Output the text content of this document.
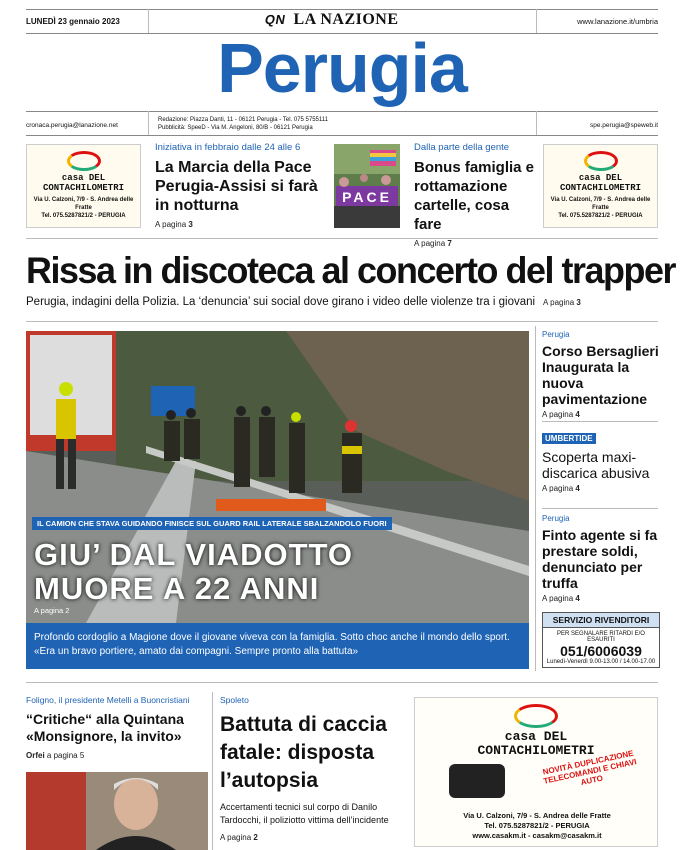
LUNEDÌ 23 gennaio 2023	QN LA NAZIONE	www.lanazione.it/umbria
Perugia
cronaca.perugia@lanazione.net
Redazione: Piazza Danti, 11 - 06121 Perugia - Tel. 075 5755111
Pubblicità: SpeeD - Via M. Angeloni, 80/B - 06121 Perugia	spe.perugia@speweb.it
casa DEL
CONTACHILOMETRI
Via U. Calzoni, 7/9 - S. Andrea delle Fratte
Tel. 075.5287821/2 - PERUGIA
Iniziativa in febbraio dalle 24 alle 6
La Marcia della Pace Perugia-Assisi si farà in notturna
A pagina 3
PACE
Dalla parte della gente
Bonus famiglia e rottamazione cartelle, cosa fare
A pagina 7
casa DEL
CONTACHILOMETRI
Via U. Calzoni, 7/9 - S. Andrea delle Fratte
Tel. 075.5287821/2 - PERUGIA
Rissa in discoteca al concerto del trapper
Perugia, indagini della Polizia. La ‘denuncia’ sui social dove girano i video delle violenze tra i giovani A pagina 3
IL CAMION CHE STAVA GUIDANDO FINISCE SUL GUARD RAIL LATERALE SBALZANDOLO FUORI
GIU’ DAL VIADOTTO
MUORE A 22 ANNI
A pagina 2
Profondo cordoglio a Magione dove il giovane viveva con la famiglia. Sotto choc anche il mondo dello sport. «Era un bravo portiere, amato dai compagni. Sempre pronto alla battuta»
Perugia
Corso Bersaglieri Inaugurata la nuova pavimentazione
A pagina 4
UMBERTIDE
Scoperta maxi-discarica abusiva
A pagina 4
Perugia
Finto agente si fa prestare soldi, denunciato per truffa
A pagina 4
SERVIZIO RIVENDITORI
PER SEGNALARE RITARDI E/O ESAURITI
051/6006039
Lunedì-Venerdì 9.00-13.00 / 14.00-17.00
Foligno, il presidente Metelli a Buoncristiani
“Critiche“ alla Quintana «Monsignore, la invito»
Orfei a pagina 5
Spoleto
Battuta di caccia fatale: disposta l’autopsia
Accertamenti tecnici sul corpo di Danilo Tardocchi, il poliziotto vittima dell’incidente
A pagina 2
casa DEL
CONTACHILOMETRI
NOVITÀ DUPLICAZIONE TELECOMANDI E CHIAVI AUTO
Via U. Calzoni, 7/9 - S. Andrea delle Fratte
Tel. 075.5287821/2 - PERUGIA
www.casakm.it - casakm@casakm.it
